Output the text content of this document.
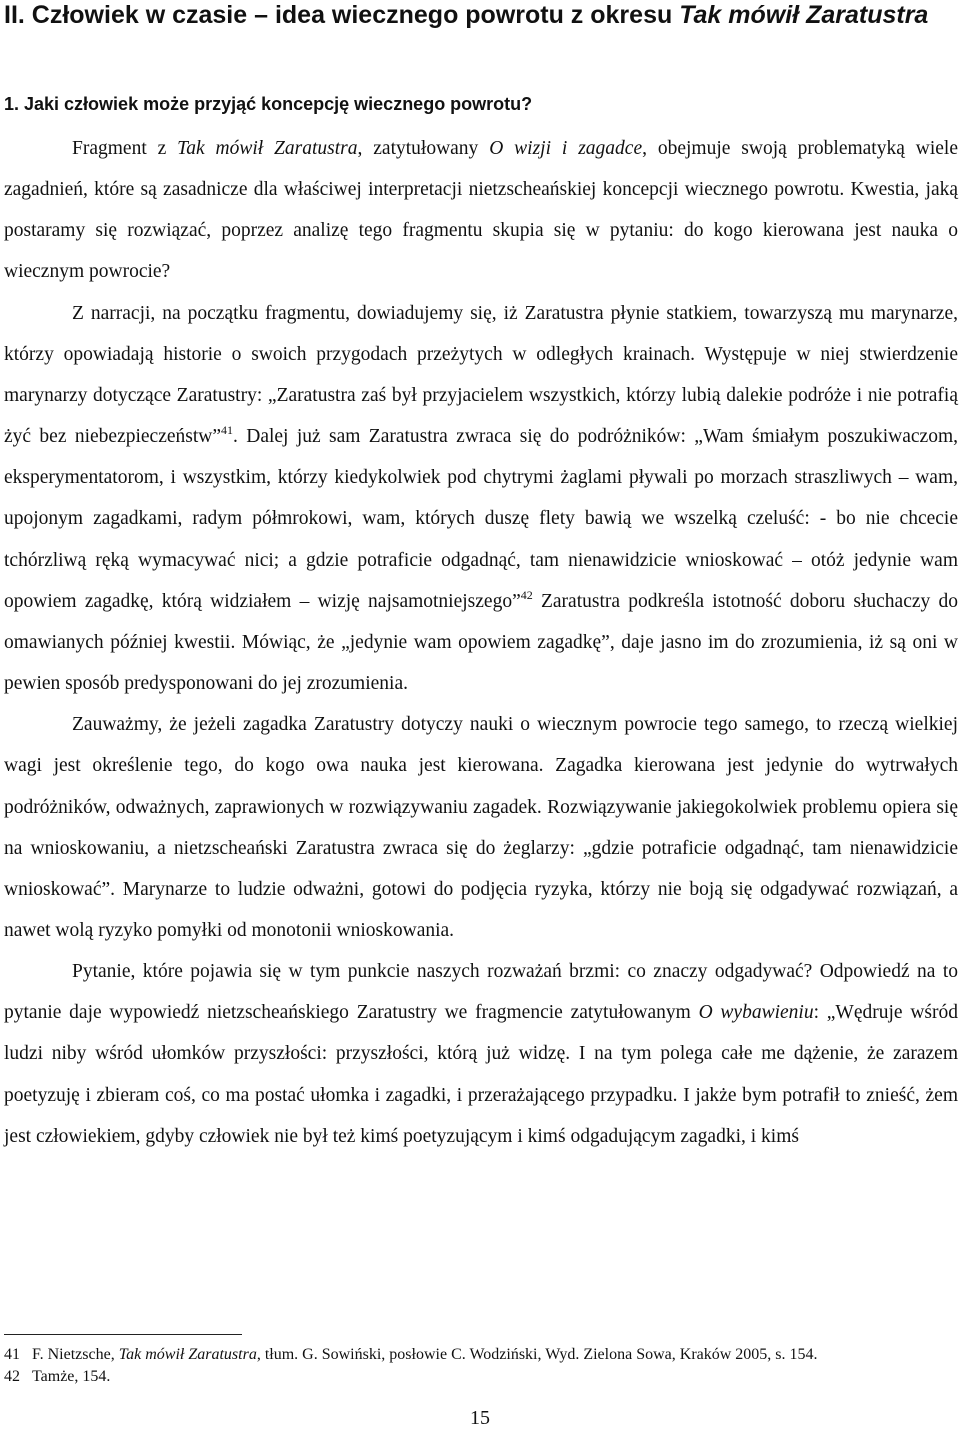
II. Człowiek w czasie – idea wiecznego powrotu z okresu Tak mówił Zaratustra
1. Jaki człowiek może przyjąć koncepcję wiecznego powrotu?

Fragment z Tak mówił Zaratustra, zatytułowany O wizji i zagadce, obejmuje swoją problematyką wiele zagadnień, które są zasadnicze dla właściwej interpretacji nietzscheańskiej koncepcji wiecznego powrotu. Kwestia, jaką postaramy się rozwiązać, poprzez analizę tego fragmentu skupia się w pytaniu: do kogo kierowana jest nauka o wiecznym powrocie?

Z narracji, na początku fragmentu, dowiadujemy się, iż Zaratustra płynie statkiem, towarzyszą mu marynarze, którzy opowiadają historie o swoich przygodach przeżytych w odległych krainach. Występuje w niej stwierdzenie marynarzy dotyczące Zaratustry: „Zaratustra zaś był przyjacielem wszystkich, którzy lubią dalekie podróże i nie potrafią żyć bez niebezpieczeństw”$^{41}$. Dalej już sam Zaratustra zwraca się do podróżników: „Wam śmiałym poszukiwaczom, eksperymentatorom, i wszystkim, którzy kiedykolwiek pod chytrymi żaglami pływali po morzach straszliwych – wam, upojonym zagadkami, radym półmrokowi, wam, których duszę flety bawią we wszelką czeluść: - bo nie chcecie tchórzliwą ręką wymacywać nici; a gdzie potraficie odgadnąć, tam nienawidzicie wnioskować – otóż jedynie wam opowiem zagadkę, którą widziałem – wizję najsamotniejszego”$^{42}$ Zaratustra podkreśla istotność doboru słuchaczy do omawianych później kwestii. Mówiąc, że „jedynie wam opowiem zagadkę”, daje jasno im do zrozumienia, iż są oni w pewien sposób predysponowani do jej zrozumienia.

Zauważmy, że jeżeli zagadka Zaratustry dotyczy nauki o wiecznym powrocie tego samego, to rzeczą wielkiej wagi jest określenie tego, do kogo owa nauka jest kierowana. Zagadka kierowana jest jedynie do wytrwałych podróżników, odważnych, zaprawionych w rozwiązywaniu zagadek. Rozwiązywanie jakiegokolwiek problemu opiera się na wnioskowaniu, a nietzscheański Zaratustra zwraca się do żeglarzy: „gdzie potraficie odgadnąć, tam nienawidzicie wnioskować”. Marynarze to ludzie odważni, gotowi do podjęcia ryzyka, którzy nie boją się odgadywać rozwiązań, a nawet wolą ryzyko pomyłki od monotonii wnioskowania.

Pytanie, które pojawia się w tym punkcie naszych rozważań brzmi: co znaczy odgadywać? Odpowiedź na to pytanie daje wypowiedź nietzscheańskiego Zaratustry we fragmencie zatytułowanym O wybawieniu: „Wędruje wśród ludzi niby wśród ułomków przyszłości: przyszłości, którą już widzę. I na tym polega całe me dążenie, że zarazem poetyzuję i zbieram coś, co ma postać ułomka i zagadki, i przerażającego przypadku. I jakże bym potrafił to znieść, żem jest człowiekiem, gdyby człowiek nie był też kimś poetyzującym i kimś odgadującym zagadki, i kimś

41 F. Nietzsche, Tak mówił Zaratustra, tłum. G. Sowiński, posłowie C. Wodziński, Wyd. Zielona Sowa, Kraków 2005, s. 154.
42 Tamże, 154.
15
